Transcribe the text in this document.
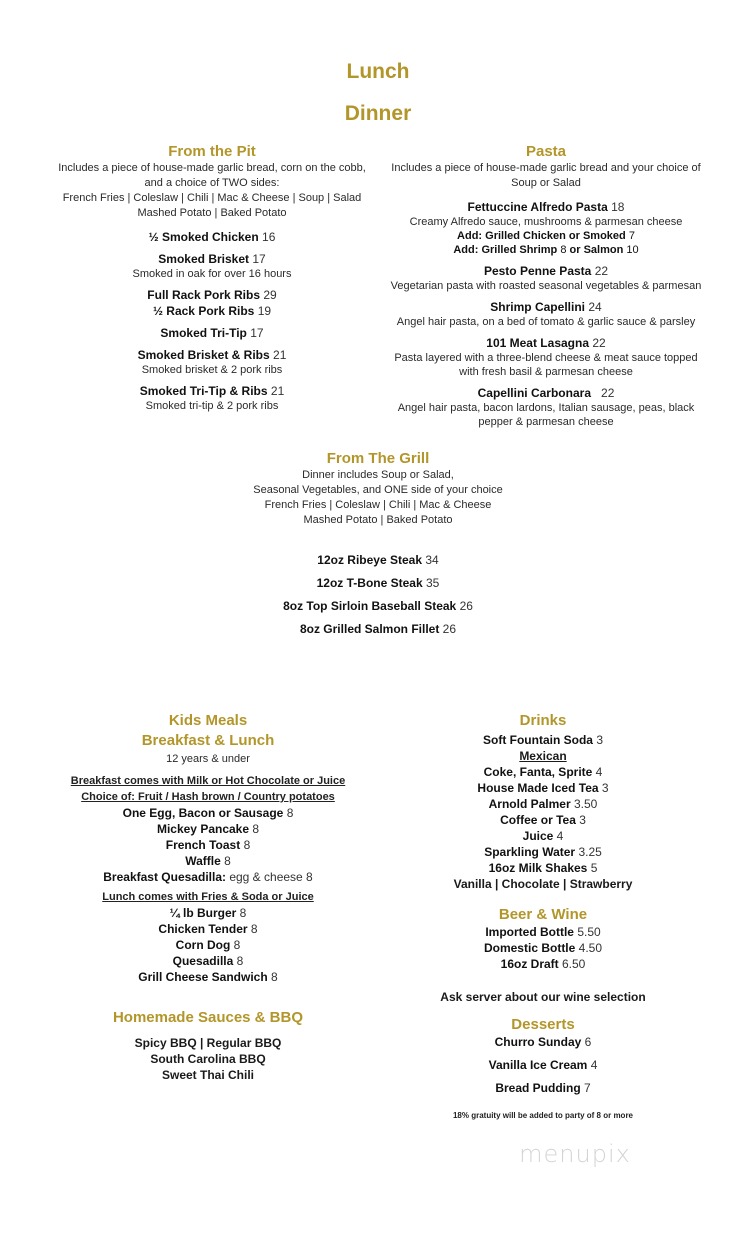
Lunch
Dinner
From the Pit
Includes a piece of house-made garlic bread, corn on the cobb,
and a choice of TWO sides:
French Fries | Coleslaw | Chili | Mac & Cheese | Soup | Salad
Mashed Potato | Baked Potato
½ Smoked Chicken 16
Smoked Brisket 17
Smoked in oak for over 16 hours
Full Rack Pork Ribs 29
½ Rack Pork Ribs 19
Smoked Tri-Tip 17
Smoked Brisket & Ribs 21
Smoked brisket & 2 pork ribs
Smoked Tri-Tip & Ribs 21
Smoked tri-tip & 2 pork ribs
Pasta
Includes a piece of house-made garlic bread and your choice of
Soup or Salad
Fettuccine Alfredo Pasta 18
Creamy Alfredo sauce, mushrooms & parmesan cheese
Add: Grilled Chicken or Smoked 7
Add: Grilled Shrimp 8 or Salmon 10
Pesto Penne Pasta 22
Vegetarian pasta with roasted seasonal vegetables & parmesan
Shrimp Capellini 24
Angel hair pasta, on a bed of tomato & garlic sauce & parsley
101 Meat Lasagna 22
Pasta layered with a three-blend cheese & meat sauce topped
with fresh basil & parmesan cheese
Capellini Carbonara 22
Angel hair pasta, bacon lardons, Italian sausage, peas, black
pepper & parmesan cheese
From The Grill
Dinner includes Soup or Salad,
Seasonal Vegetables, and ONE side of your choice
French Fries | Coleslaw | Chili | Mac & Cheese
Mashed Potato | Baked Potato
12oz Ribeye Steak 34
12oz T-Bone Steak 35
8oz Top Sirloin Baseball Steak 26
8oz Grilled Salmon Fillet 26
Kids Meals
Breakfast & Lunch
12 years & under
Breakfast comes with Milk or Hot Chocolate or Juice
Choice of: Fruit / Hash brown / Country potatoes
One Egg, Bacon or Sausage 8
Mickey Pancake 8
French Toast 8
Waffle 8
Breakfast Quesadilla: egg & cheese 8
Lunch comes with Fries & Soda or Juice
¼ lb Burger 8
Chicken Tender 8
Corn Dog 8
Quesadilla 8
Grill Cheese Sandwich 8
Homemade Sauces & BBQ
Spicy BBQ | Regular BBQ
South Carolina BBQ
Sweet Thai Chili
Drinks
Soft Fountain Soda 3
Mexican
Coke, Fanta, Sprite 4
House Made Iced Tea 3
Arnold Palmer 3.50
Coffee or Tea 3
Juice 4
Sparkling Water 3.25
16oz Milk Shakes 5
Vanilla | Chocolate | Strawberry
Beer & Wine
Imported Bottle 5.50
Domestic Bottle 4.50
16oz Draft 6.50
Ask server about our wine selection
Desserts
Churro Sunday 6
Vanilla Ice Cream 4
Bread Pudding 7
18% gratuity will be added to party of 8 or more
menupix
